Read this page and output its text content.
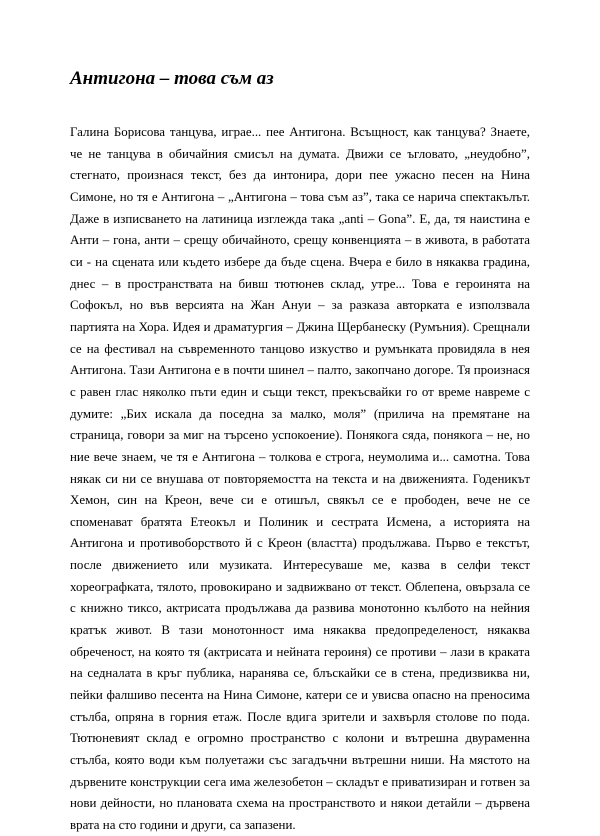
Антигона – това съм аз

Галина Борисова танцува, играе... пее Антигона. Всъщност, как танцува? Знаете, че не танцува в обичайния смисъл на думата. Движи се ъгловато, „неудобно”, стегнато, произнася текст, без да интонира, дори пее ужасно песен на Нина Симоне, но тя е Антигона – „Антигона – това съм аз”, така се нарича спектакълът. Даже в изписването на латиница изглежда така „anti – Gona”. Е, да, тя наистина е Анти – гона, анти – срещу обичайното, срещу конвенцията – в живота, в работата си - на сцената или където избере да бъде сцена. Вчера е било в някаква градина, днес – в пространствата на бивш тютюнев склад, утре... Това е героинята на Софокъл, но във версията на Жан Ануи – за разказа авторката е използвала партията на Хора. Идея и драматургия – Джина Щербанеску (Румъния). Срещнали се на фестивал на съвременното танцово изкуство и румънката провидяла в нея Антигона. Тази Антигона е в почти шинел – палто, закопчано догоре. Тя произнася с равен глас няколко пъти един и същи текст, прекъсвайки го от време навреме с думите: „Бих искала да поседна за малко, моля” (прилича на премятане на страница, говори за миг на търсено успокоение). Понякога сяда, понякога – не, но ние вече знаем, че тя е Антигона – толкова е строга, неумолима и... самотна. Това някак си ни се внушава от повторяемостта на текста и на движенията. Годеникът Хемон, син на Креон, вече си е отишъл, свякъл се е прободен, вече не се споменават братята Етеокъл и Полиник и сестрата Исмена, а историята на Антигона и противоборството й с Креон (властта) продължава. Първо е текстът, после движението или музиката. Интересуваше ме, казва в селфи текст хореографката, тялото, провокирано и задвижвано от текст. Облепена, овързала се с книжно тиксо, актрисата продължава да развива монотонно кълбото на нейния кратък живот. В тази монотонност има някаква предопределеност, някаква обреченост, на която тя (актрисата и нейната героиня) се противи – лази в краката на седналата в кръг публика, наранява се, блъскайки се в стена, предизвиква ни, пейки фалшиво песента на Нина Симоне, катери се и увисва опасно на преносима стълба, опряна в горния етаж. После вдига зрители и захвърля столове по пода. Тютюневият склад е огромно пространство с колони и вътрешна двураменна стълба, която води към полуетажи със загадъчни вътрешни ниши. На мястото на дървените конструкции сега има железобетон – складът е приватизиран и готвен за нови дейности, но плановата схема на пространството и някои детайли – дървена врата на сто години и други, са запазени.
